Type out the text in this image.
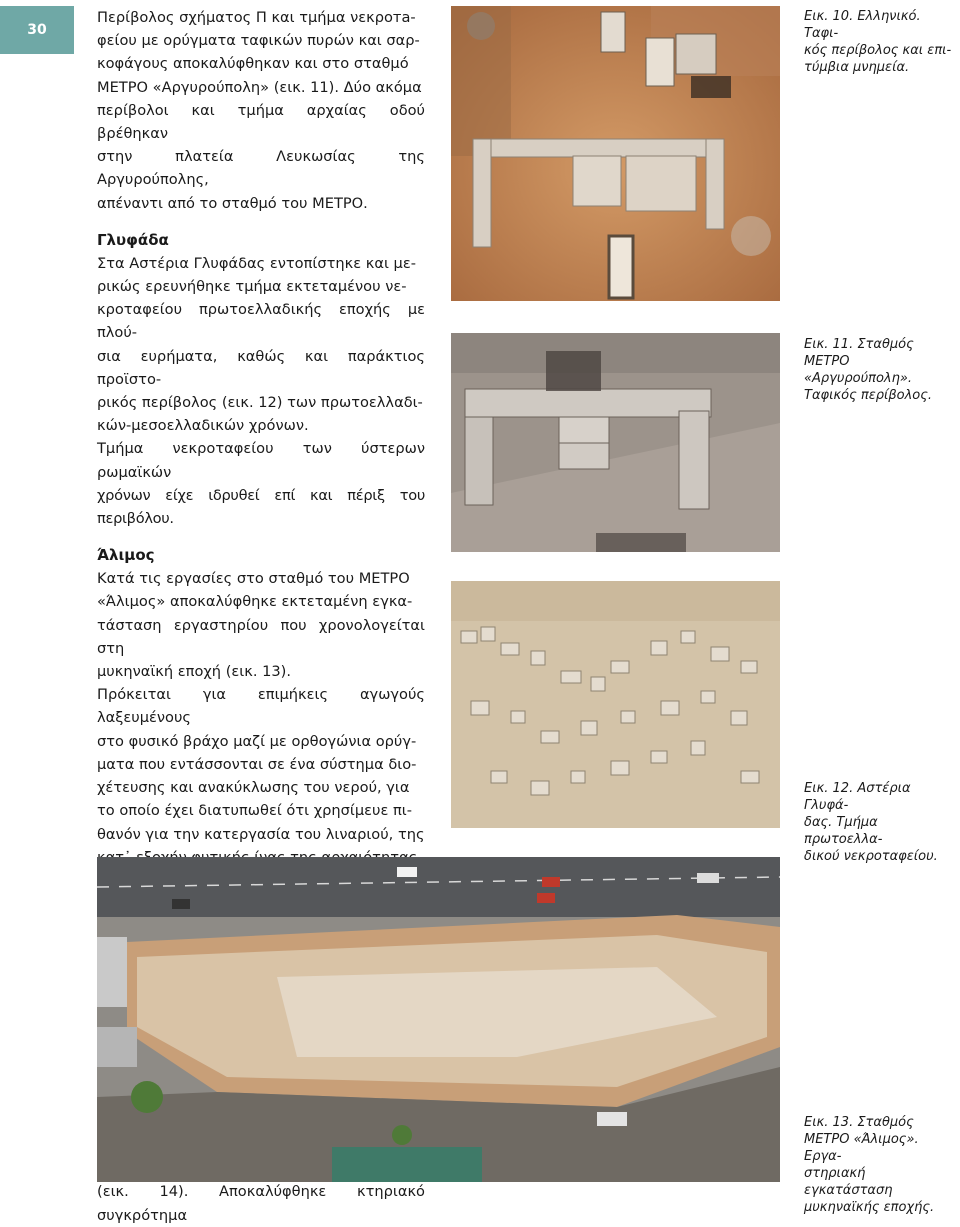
30

Περίβολος σχήματος Π και τμήμα νεκρота-

φείου με ορύγματα ταφικών πυρών και σαρ-

κοφάγους αποκαλύφθηκαν και στο σταθμό

ΜΕΤΡΟ «Αργυρούπολη» (εικ. 11). Δύο ακόμα

περίβολοι και τμήμα αρχαίας οδού βρέθηκαν

στην πλατεία Λευκωσίας της Αργυρούπολης,

απέναντι από το σταθμό του ΜΕΤΡΟ.

Γλυφάδα

Στα Αστέρια Γλυφάδας εντοπίστηκε και με-

ρικώς ερευνήθηκε τμήμα εκτεταμένου νε-

κροταφείου πρωτοελλαδικής εποχής με πλού-

σια ευρήματα, καθώς και παράκτιος προϊστο-

ρικός περίβολος (εικ. 12) των πρωτοελλαδι-

κών-μεσοελλαδικών χρόνων.

Τμήμα νεκροταφείου των ύστερων ρωμαϊκών

χρόνων είχε ιδρυθεί επί και πέριξ του περιβόλου.

Άλιμος

Κατά τις εργασίες στο σταθμό του ΜΕΤΡΟ

«Άλιμος» αποκαλύφθηκε εκτεταμένη εγκα-

τάσταση εργαστηρίου που χρονολογείται στη

μυκηναϊκή εποχή (εικ. 13).

Πρόκειται για επιμήκεις αγωγούς λαξευμένους

στο φυσικό βράχο μαζί με ορθογώνια ορύγ-

ματα που εντάσσονται σε ένα σύστημα διο-

χέτευσης και ανακύκλωσης του νερού, για

το οποίο έχει διατυπωθεί ότι χρησίμευε πι-

θανόν για την κατεργασία του λιναριού, της

(εικ. 14). Αποκαλύφθηκε κτηριακό συγκρότημα

Εικ. 10. Ελληνικό. Ταφι-
κός περίβολος και επι-
τύμβια μνημεία.
Εικ. 11. Σταθμός
ΜΕΤΡΟ «Αργυρούπολη».
Ταφικός περίβολος.
Εικ. 12. Αστέρια Γλυφά-
δας. Τμήμα πρωτοελλα-
δικού νεκροταφείου.
Εικ. 13. Σταθμός
ΜΕΤΡΟ «Άλιμος». Εργα-
στηριακή εγκατάσταση
μυκηναϊκής εποχής.
